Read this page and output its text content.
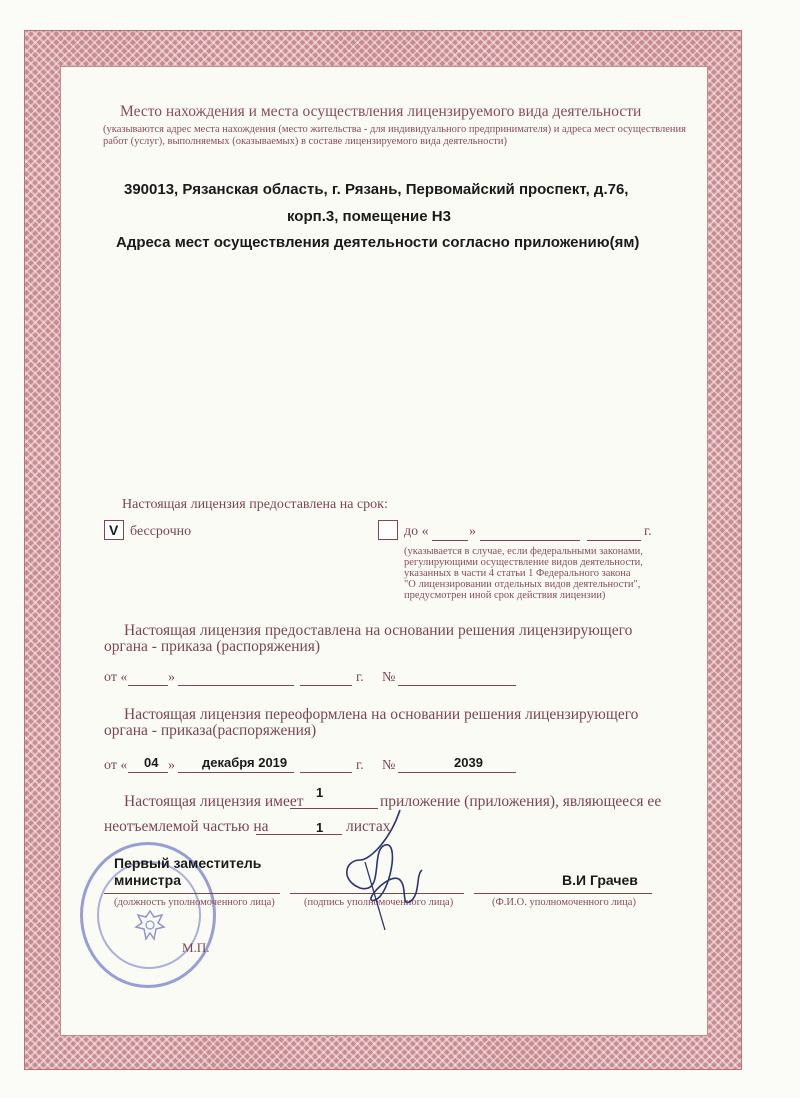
Место нахождения и места осуществления лицензируемого вида деятельности
(указываются адрес места нахождения (место жительства - для индивидуального предпринимателя) и адреса мест осуществления
работ (услуг), выполняемых (оказываемых) в составе лицензируемого вида деятельности)
390013, Рязанская область, г. Рязань, Первомайский проспект, д.76,
корп.3, помещение Н3
Адреса мест осуществления деятельности согласно приложению(ям)
Настоящая лицензия предоставлена на срок:
V бессрочно	до «	»	г.
(указывается в случае, если федеральными законами,
регулирующими осуществление видов деятельности,
указанных в части 4 статьи 1 Федерального закона
"О лицензировании отдельных видов деятельности",
предусмотрен иной срок действия лицензии)
Настоящая лицензия предоставлена на основании решения лицензирующего
органа - приказа (распоряжения)
от «	»	г. №
Настоящая лицензия переоформлена на основании решения лицензирующего
органа - приказа(распоряжения)
от « 04 » декабря 2019	г. №	2039
Настоящая лицензия имеет
1
приложение (приложения), являющееся ее
неотъемлемой частью на	1 листах
Первый заместитель
министра
(должность уполномоченного лица)	(подпись уполномоченного лица)
В.И Грачев
(Ф.И.О. уполномоченного лица)
М.П.
